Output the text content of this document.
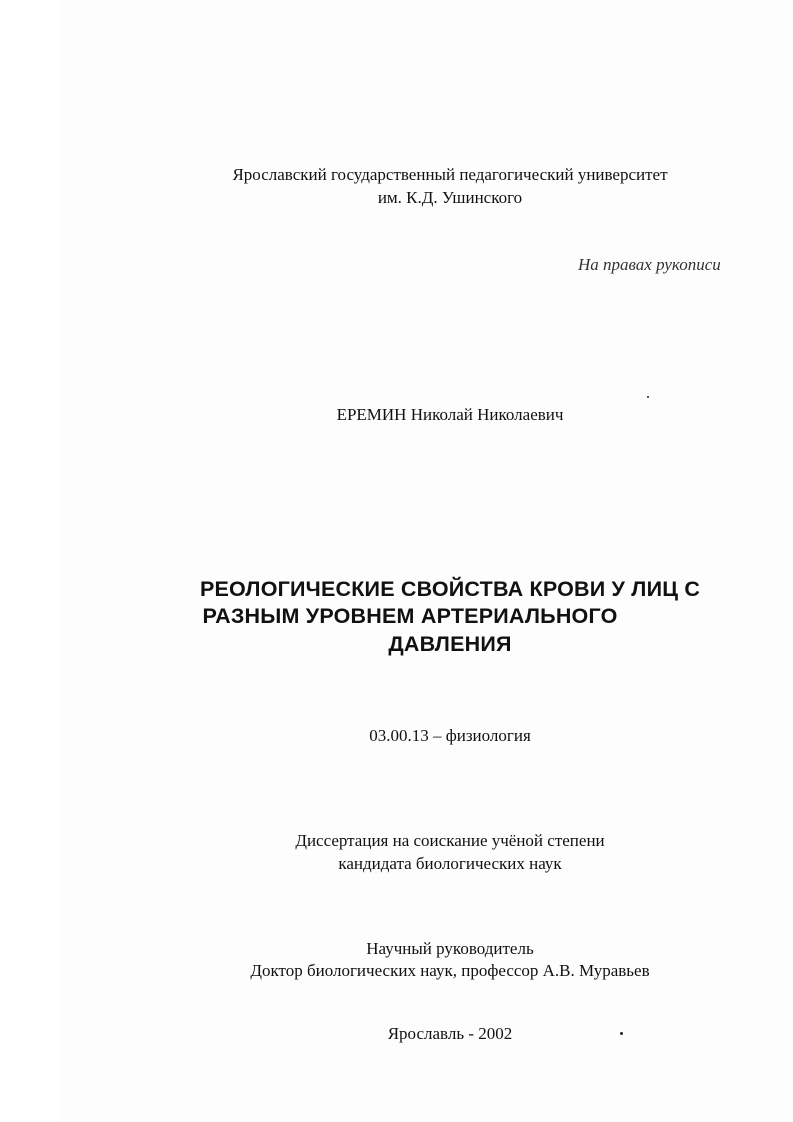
Ярославский государственный педагогический университет
им. К.Д. Ушинского
На правах рукописи
ЕРЕМИН Николай Николаевич
РЕОЛОГИЧЕСКИЕ СВОЙСТВА КРОВИ У ЛИЦ С
РАЗНЫМ УРОВНЕМ АРТЕРИАЛЬНОГО
ДАВЛЕНИЯ
03.00.13 – физиология
Диссертация на соискание учёной степени
кандидата биологических наук
Научный руководитель
Доктор биологических наук, профессор А.В. Муравьев
Ярославль - 2002
